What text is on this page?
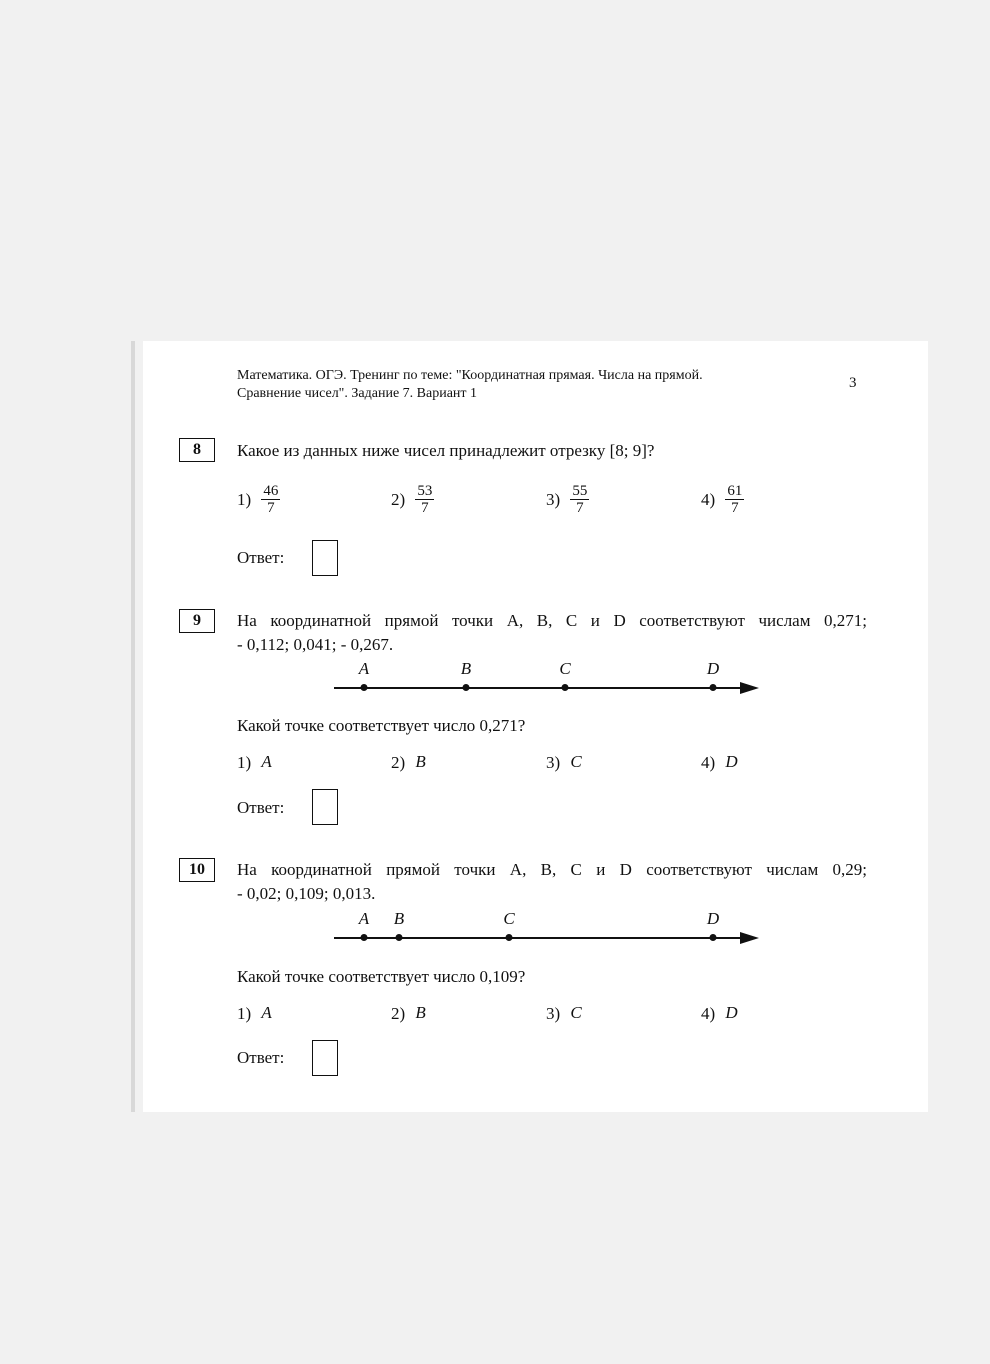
Математика. ОГЭ. Тренинг по теме: "Координатная прямая. Числа на прямой.
Сравнение чисел". Задание 7. Вариант 1
3
8	Какое из данных ниже чисел принадлежит отрезку [8; 9]?
$1) \frac{46}{7}$	$2) \frac{53}{7}$	$3) \frac{55}{7}$	$4) \frac{61}{7}$
Ответ:
9	На координатной прямой точки A, B, C и D соответствуют числам 0,271;
- 0,112; 0,041; - 0,267.
A	B	C	D
Какой точке соответствует число 0,271?
1) A	2) B	3) C	4) D
Ответ:
10	На координатной прямой точки A, B, C и D соответствуют числам 0,29;
- 0,02; 0,109; 0,013.
A B	C	D
Какой точке соответствует число 0,109?
1) A	2) B	3) C	4) D
Ответ:
